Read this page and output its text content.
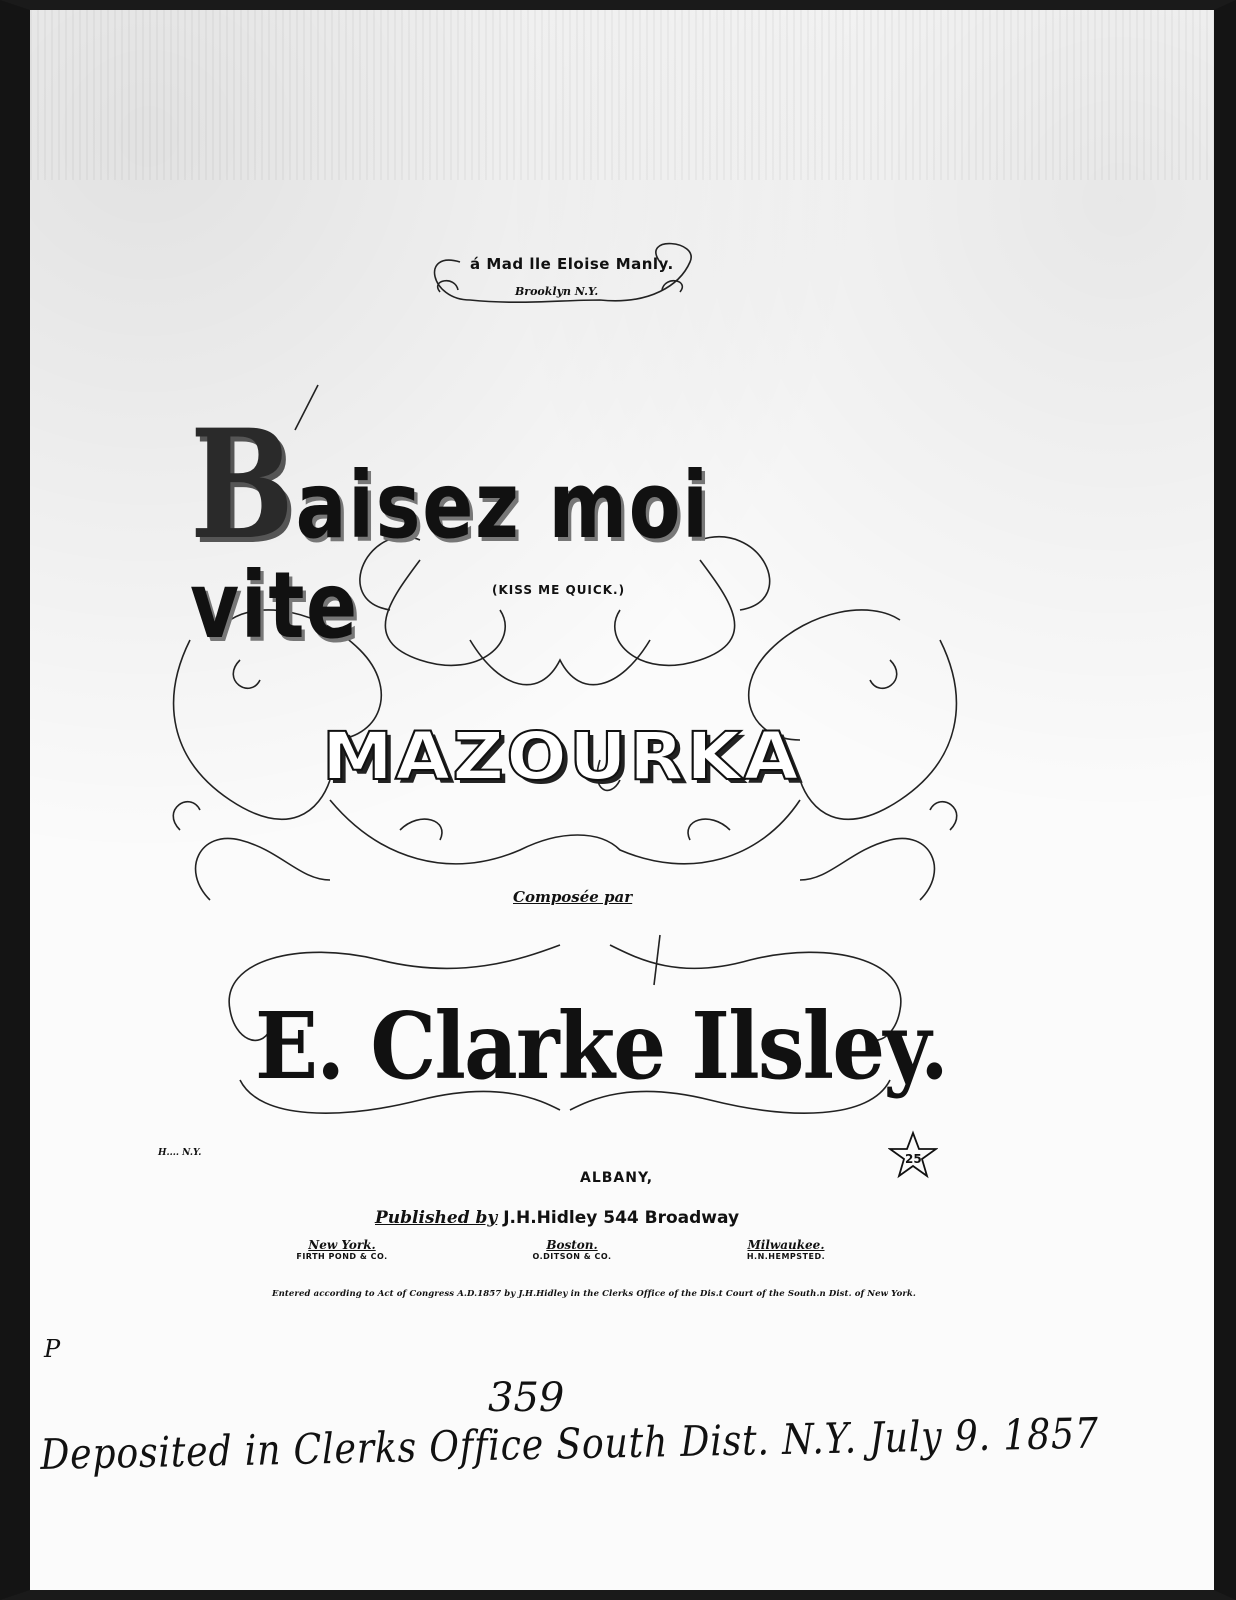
á Mad lle Eloise Manly.
Brooklyn N.Y.
Baisez moi vite	(KISS ME QUICK.)
MAZOURKA
Composée par
E. Clarke Ilsley.
H.... N.Y.	25
ALBANY,
Published by J.H.Hidley 544 Broadway
New York.
FIRTH POND & CO.
Boston.
O.DITSON & CO.
Milwaukee.
H.N.HEMPSTED.
Entered according to Act of Congress A.D.1857 by J.H.Hidley in the Clerks Office of the Dis.t Court of the South.n Dist. of New York.
P
359
Deposited in Clerks Office South Dist. N.Y. July 9. 1857
